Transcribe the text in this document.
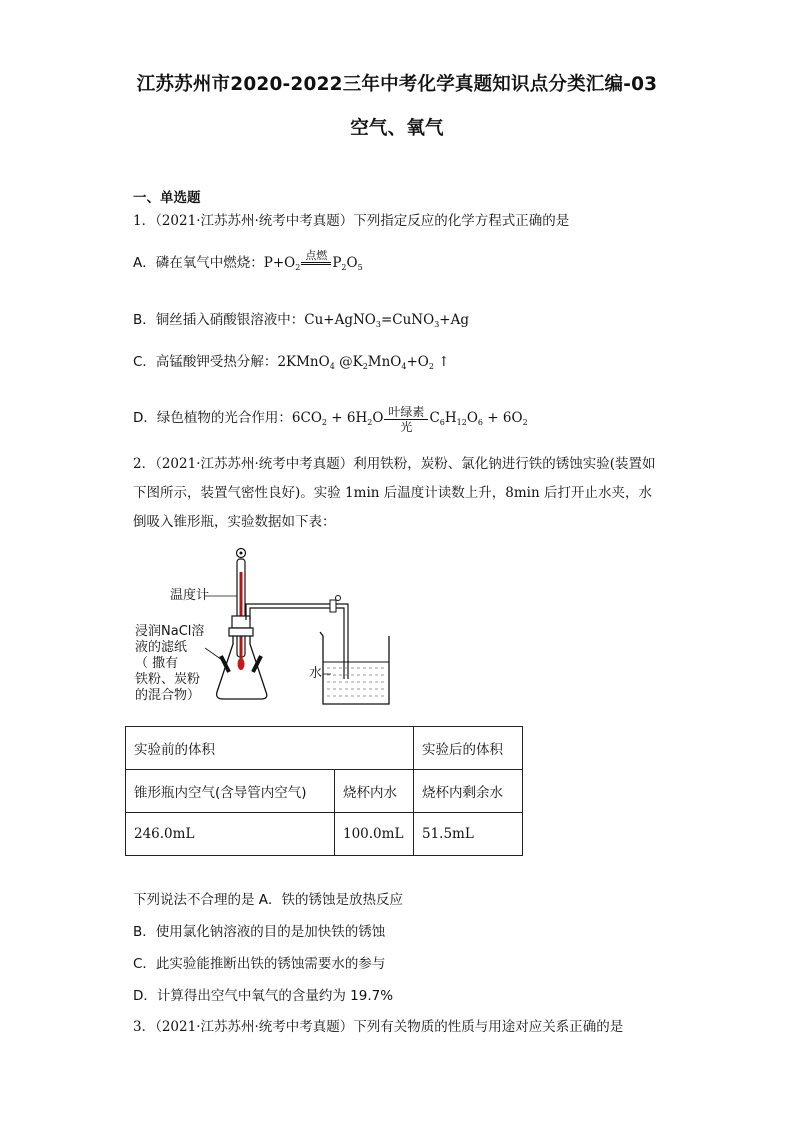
江苏苏州市2020-2022三年中考化学真题知识点分类汇编-03
空气、氧气
一、单选题
1．（2021·江苏苏州·统考中考真题）下列指定反应的化学方程式正确的是
A．磷在氧气中燃烧：$P+O_2$
点燃 $P_2O_5$
B．铜丝插入硝酸银溶液中：Cu+AgNO$_3$=CuNO$_3$+Ag
C．高锰酸钾受热分解：2KMnO$_4$ $@K_2MnO_4+O_2$ ↑
D．绿色植物的光合作用：$6CO_2 + 6H_2O$ 叶绿素
光
$C_6H_{12}O_6 + 6O_2$
2．（2021·江苏苏州·统考中考真题）利用铁粉，炭粉、氯化钠进行铁的锈蚀实验(装置如
下图所示，装置气密性良好)。实验 1min 后温度计读数上升，8min 后打开止水夹，水
倒吸入锥形瓶，实验数据如下表：
温度计
浸润NaCl溶
液的滤纸
（ 撒有
铁粉、炭粉
的混合物）
水
实验前的体积		实验后的体积
锥形瓶内空气(含导管内空气)	烧杯内水	烧杯内剩余水
246.0mL	100.0mL	51.5mL
下列说法不合理的是 A．铁的锈蚀是放热反应
B．使用氯化钠溶液的目的是加快铁的锈蚀
C．此实验能推断出铁的锈蚀需要水的参与
D．计算得出空气中氧气的含量约为 19.7%
3．（2021·江苏苏州·统考中考真题）下列有关物质的性质与用途对应关系正确的是
